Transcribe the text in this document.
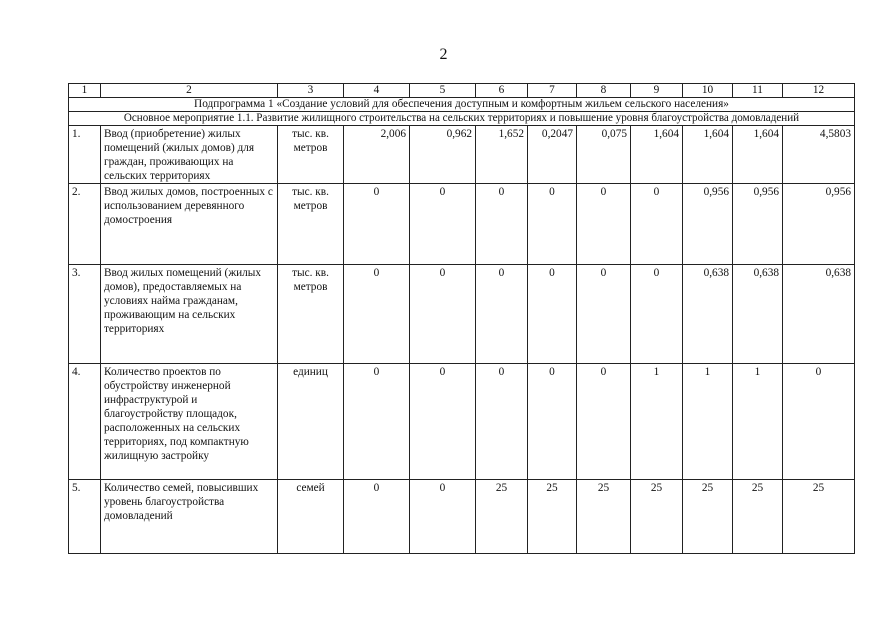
2
1	2	3	4	5	6	7	8	9	10	11	12
Подпрограмма 1 «Создание условий для обеспечения доступным и комфортным жильем сельского населения»											
Основное мероприятие 1.1. Развитие жилищного строительства на сельских территориях и повышение уровня благоустройства домовладений											
1.	Ввод (приобретение) жилых помещений (жилых домов) для граждан, проживающих на сельских территориях	тыс. кв. метров	2,006	0,962	1,652	0,2047	0,075	1,604	1,604	1,604	4,5803
2.	Ввод жилых домов, построенных с использованием деревянного домостроения	тыс. кв. метров	0	0	0	0	0	0	0,956	0,956	0,956
3.	Ввод жилых помещений (жилых домов), предоставляемых на условиях найма гражданам, проживающим на сельских территориях	тыс. кв. метров	0	0	0	0	0	0	0,638	0,638	0,638
4.	Количество проектов по обустройству инженерной инфраструктурой и благоустройству площадок, расположенных на сельских территориях, под компактную жилищную застройку	единиц	0	0	0	0	0	1	1	1	0
5.	Количество семей, повысивших уровень благоустройства домовладений	семей	0	0	25	25	25	25	25	25	25
